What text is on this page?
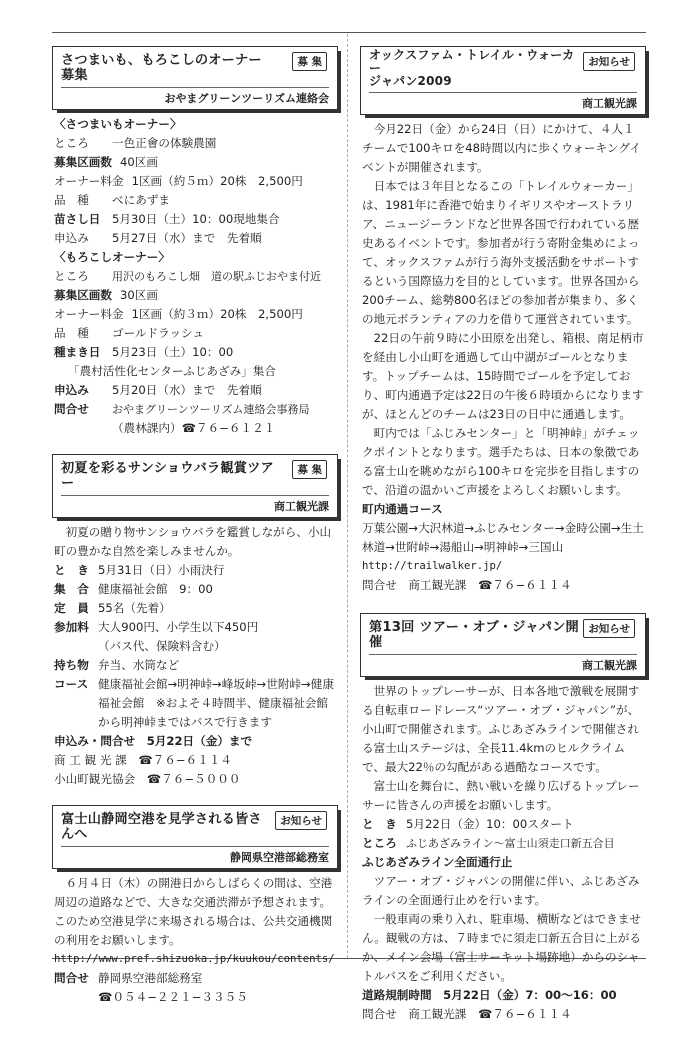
さつまいも、もろこしのオーナー募集
募 集
おやまグリーンツーリズム連絡会

〈さつまいもオーナー〉

ところ	一色正會の体験農園
募集区画数 40区画
オーナー料金 1区画（約５ｍ）20株　2,500円
品　種	べにあずま
苗さし日	5月30日（土）10：00現地集合
申込み	5月27日（水）まで　先着順

〈もろこしオーナー〉

ところ	用沢のもろこし畑　道の駅ふじおやま付近
募集区画数 30区画
オーナー料金 1区画（約３ｍ）20株　2,500円
品　種	ゴールドラッシュ
種まき日	5月23日（土）10：00

「農村活性化センターふじあざみ」集合

申込み	5月20日（水）まで　先着順
問合せ	おやまグリーンツーリズム連絡会事務局

（農林課内）☎７６−６１２１

初夏を彩るサンショウバラ観賞ツアー
募 集
商工観光課

初夏の贈り物サンショウバラを鑑賞しながら、小山町の豊かな自然を楽しみませんか。

と　き 5月31日（日）小雨決行
集　合 健康福祉会館　9：00
定　員 55名（先着）
参加料 大人900円、小学生以下450円

（バス代、保険料含む）

持ち物 弁当、水筒など
コース 健康福祉会館→明神峠→峰坂峠→世附峠→健康福祉会館　※およそ４時間半、健康福祉会館から明神峠まではバスで行きます

申込み・問合せ　5月22日（金）まで

商 工 観 光 課　☎７６−６１１４

小山町観光協会　☎７６−５０００

富士山静岡空港を見学される皆さんへ
お知らせ
静岡県空港部総務室

６月４日（木）の開港日からしばらくの間は、空港周辺の道路などで、大きな交通渋滞が予想されます。このため空港見学に来場される場合は、公共交通機関の利用をお願いします。

http://www.pref.shizuoka.jp/kuukou/contents/

問合せ 静岡県空港部総務室

☎０５４−２２１−３３５５

オックスファム・トレイル・ウォーカー
ジャパン2009
お知らせ
商工観光課

今月22日（金）から24日（日）にかけて、４人１チームで100キロを48時間以内に歩くウォーキングイベントが開催されます。

日本では３年目となるこの「トレイルウォーカー」は、1981年に香港で始まりイギリスやオーストラリア、ニュージーランドなど世界各国で行われている歴史あるイベントです。参加者が行う寄附金集めによって、オックスファムが行う海外支援活動をサポートするという国際協力を目的としています。世界各国から200チーム、総勢800名ほどの参加者が集まり、多くの地元ボランティアの力を借りて運営されています。

22日の午前９時に小田原を出発し、箱根、南足柄市を経由し小山町を通過して山中湖がゴールとなります。トップチームは、15時間でゴールを予定しており、町内通過予定は22日の午後６時頃からになりますが、ほとんどのチームは23日の日中に通過します。

町内では「ふじみセンター」と「明神峠」がチェックポイントとなります。選手たちは、日本の象徴である富士山を眺めながら100キロを完歩を目指しますので、沿道の温かいご声援をよろしくお願いします。

町内通過コース

万葉公園→大沢林道→ふじみセンター→金時公園→生土林道→世附峠→湯船山→明神峠→三国山

http://trailwalker.jp/

問合せ　商工観光課　☎７６−６１１４

第13回 ツアー・オブ・ジャパン開催
お知らせ
商工観光課

世界のトップレーサーが、日本各地で激戦を展開する自転車ロードレース“ツアー・オブ・ジャパン”が、小山町で開催されます。ふじあざみラインで開催される富士山ステージは、全長11.4kmのヒルクライムで、最大22％の勾配がある過酷なコースです。

富士山を舞台に、熱い戦いを繰り広げるトップレーサーに皆さんの声援をお願いします。

と　き 5月22日（金）10：00スタート
ところ ふじあざみライン〜富士山須走口新五合目

ふじあざみライン全面通行止

ツアー・オブ・ジャパンの開催に伴い、ふじあざみラインの全面通行止めを行います。

一般車両の乗り入れ、駐車場、横断などはできません。観戦の方は、７時までに須走口新五合目に上がるか、メイン会場（富士サーキット場跡地）からのシャトルバスをご利用ください。

道路規制時間　5月22日（金）7：00〜16：00

問合せ　商工観光課　☎７６−６１１４
